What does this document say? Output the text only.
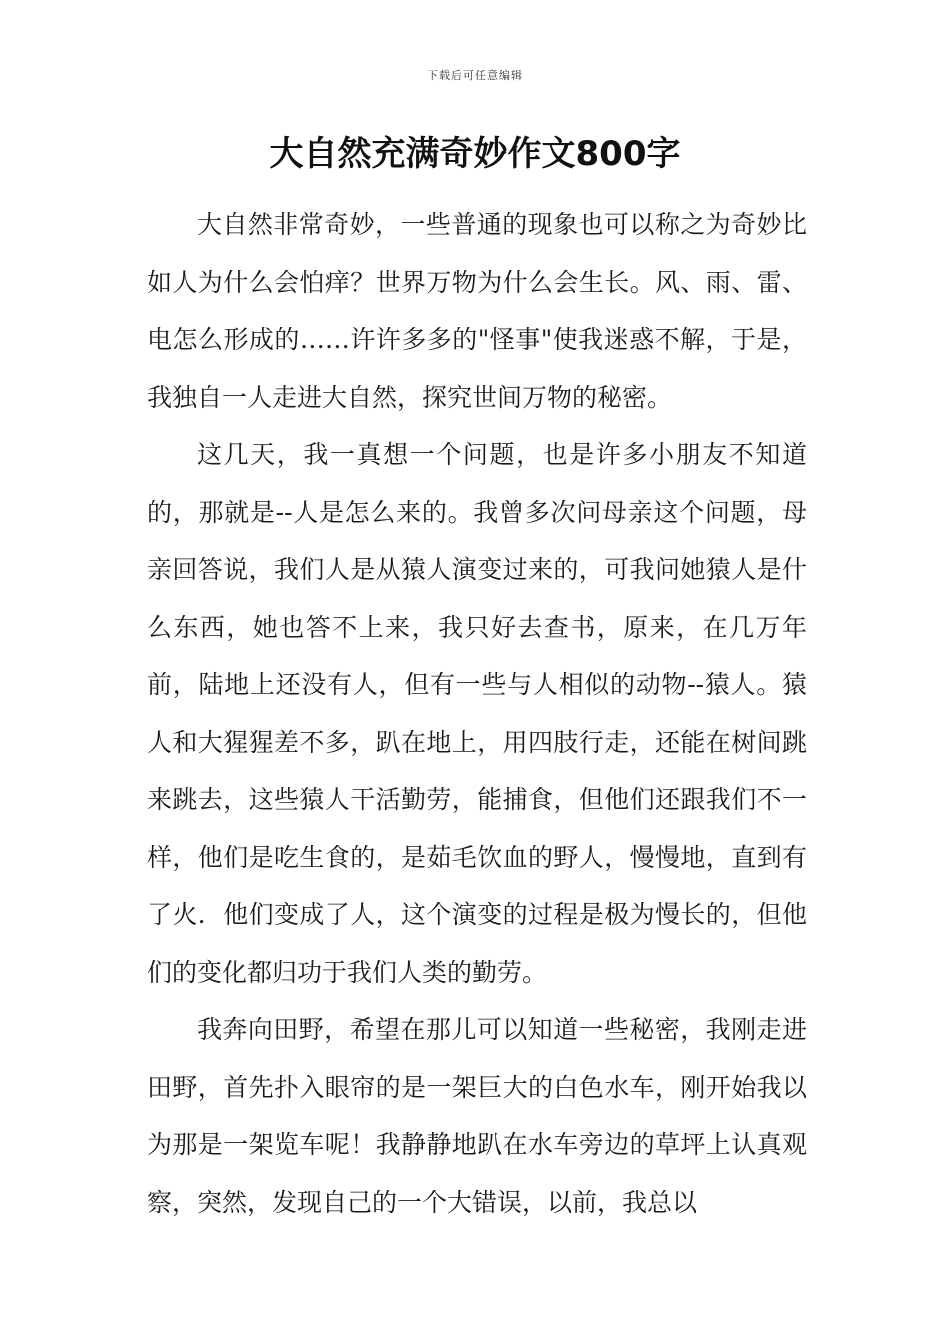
下载后可任意编辑
大自然充满奇妙作文800字

大自然非常奇妙，一些普通的现象也可以称之为奇妙比如人为什么会怕痒？世界万物为什么会生长。风、雨、雷、电怎么形成的……许许多多的"怪事"使我迷惑不解，于是，我独自一人走进大自然，探究世间万物的秘密。

这几天，我一真想一个问题，也是许多小朋友不知道的，那就是--人是怎么来的。我曾多次问母亲这个问题，母亲回答说，我们人是从猿人演变过来的，可我问她猿人是什么东西，她也答不上来，我只好去查书，原来，在几万年前，陆地上还没有人，但有一些与人相似的动物--猿人。猿人和大猩猩差不多，趴在地上，用四肢行走，还能在树间跳来跳去，这些猿人干活勤劳，能捕食，但他们还跟我们不一样，他们是吃生食的，是茹毛饮血的野人，慢慢地，直到有了火．他们变成了人，这个演变的过程是极为慢长的，但他们的变化都归功于我们人类的勤劳。

我奔向田野，希望在那儿可以知道一些秘密，我刚走进田野，首先扑入眼帘的是一架巨大的白色水车，刚开始我以为那是一架览车呢！我静静地趴在水车旁边的草坪上认真观察，突然，发现自己的一个大错误，以前，我总以
